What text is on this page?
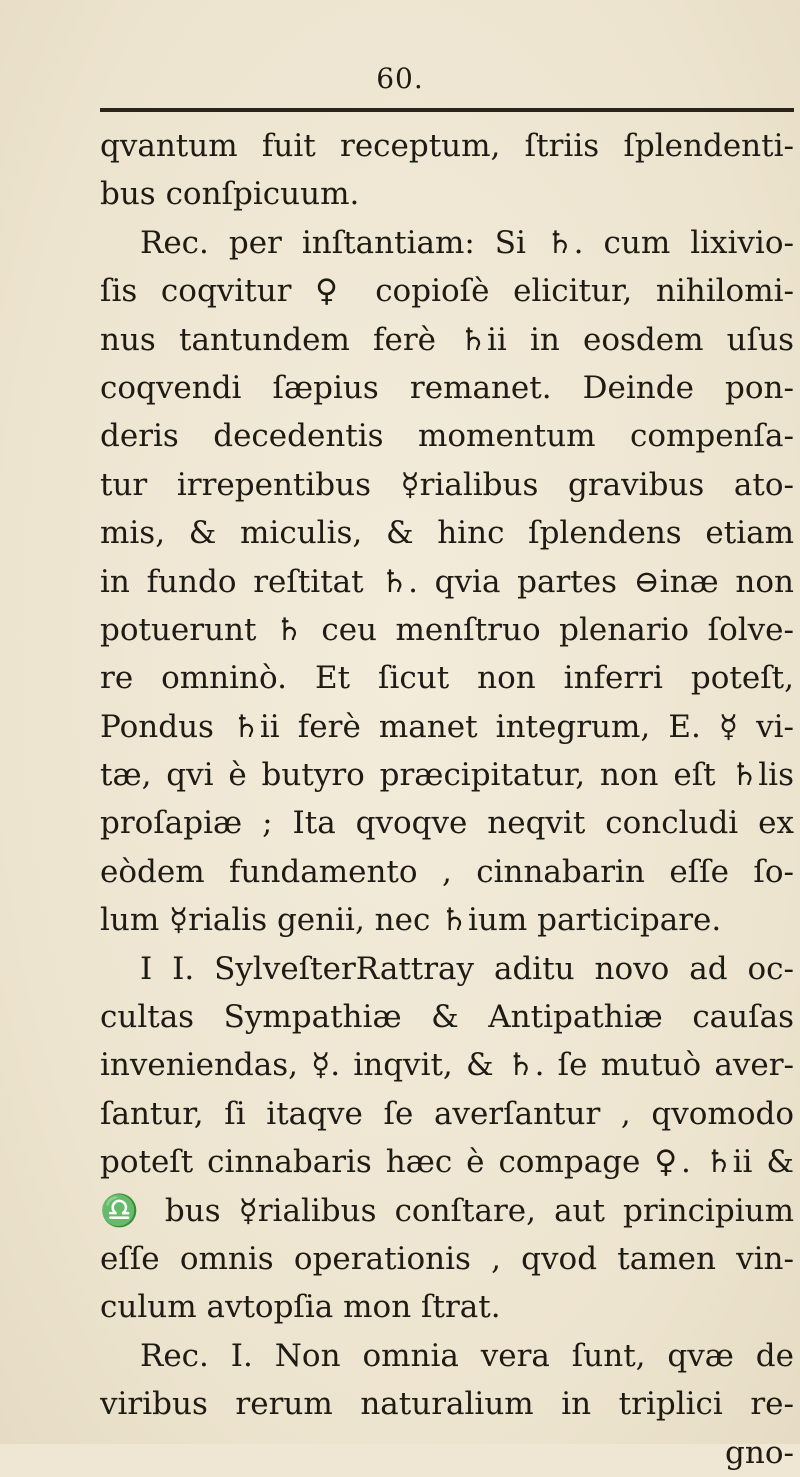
60.
qvantum fuit receptum, ſtriis ſplendenti-
bus conſpicuum.
Rec. per inſtantiam: Si ♄. cum lixivio-
ſis coqvitur ♀ copioſè elicitur, nihilomi-
nus tantundem ferè ♄ii in eosdem uſus
coqvendi ſæpius remanet. Deinde pon-
deris decedentis momentum compenſa-
tur irrepentibus ☿rialibus gravibus ato-
mis, & miculis, & hinc ſplendens etiam
in fundo reſtitat ♄. qvia partes ⊖inæ non
potuerunt ♄ ceu menſtruo plenario ſolve-
re omninò. Et ſicut non inferri poteſt,
Pondus ♄ii ferè manet integrum, E. ☿ vi-
tæ, qvi è butyro præcipitatur, non eſt ♄lis
proſapiæ ; Ita qvoqve neqvit concludi ex
eòdem fundamento , cinnabarin eſſe ſo-
lum ☿rialis genii, nec ♄ium participare.
I I. SylveſterRattray aditu novo ad oc-
cultas Sympathiæ & Antipathiæ cauſas
inveniendas, ☿. inqvit, & ♄. ſe mutuò aver-
ſantur, ſi itaqve ſe averſantur , qvomodo
poteſt cinnabaris hæc è compage ♀. ♄ii &
♎ bus ☿rialibus conſtare, aut principium
eſſe omnis operationis , qvod tamen vin-
culum avtopſia mon ſtrat.
Rec. I. Non omnia vera ſunt, qvæ de
viribus rerum naturalium in triplici re-
gno-
